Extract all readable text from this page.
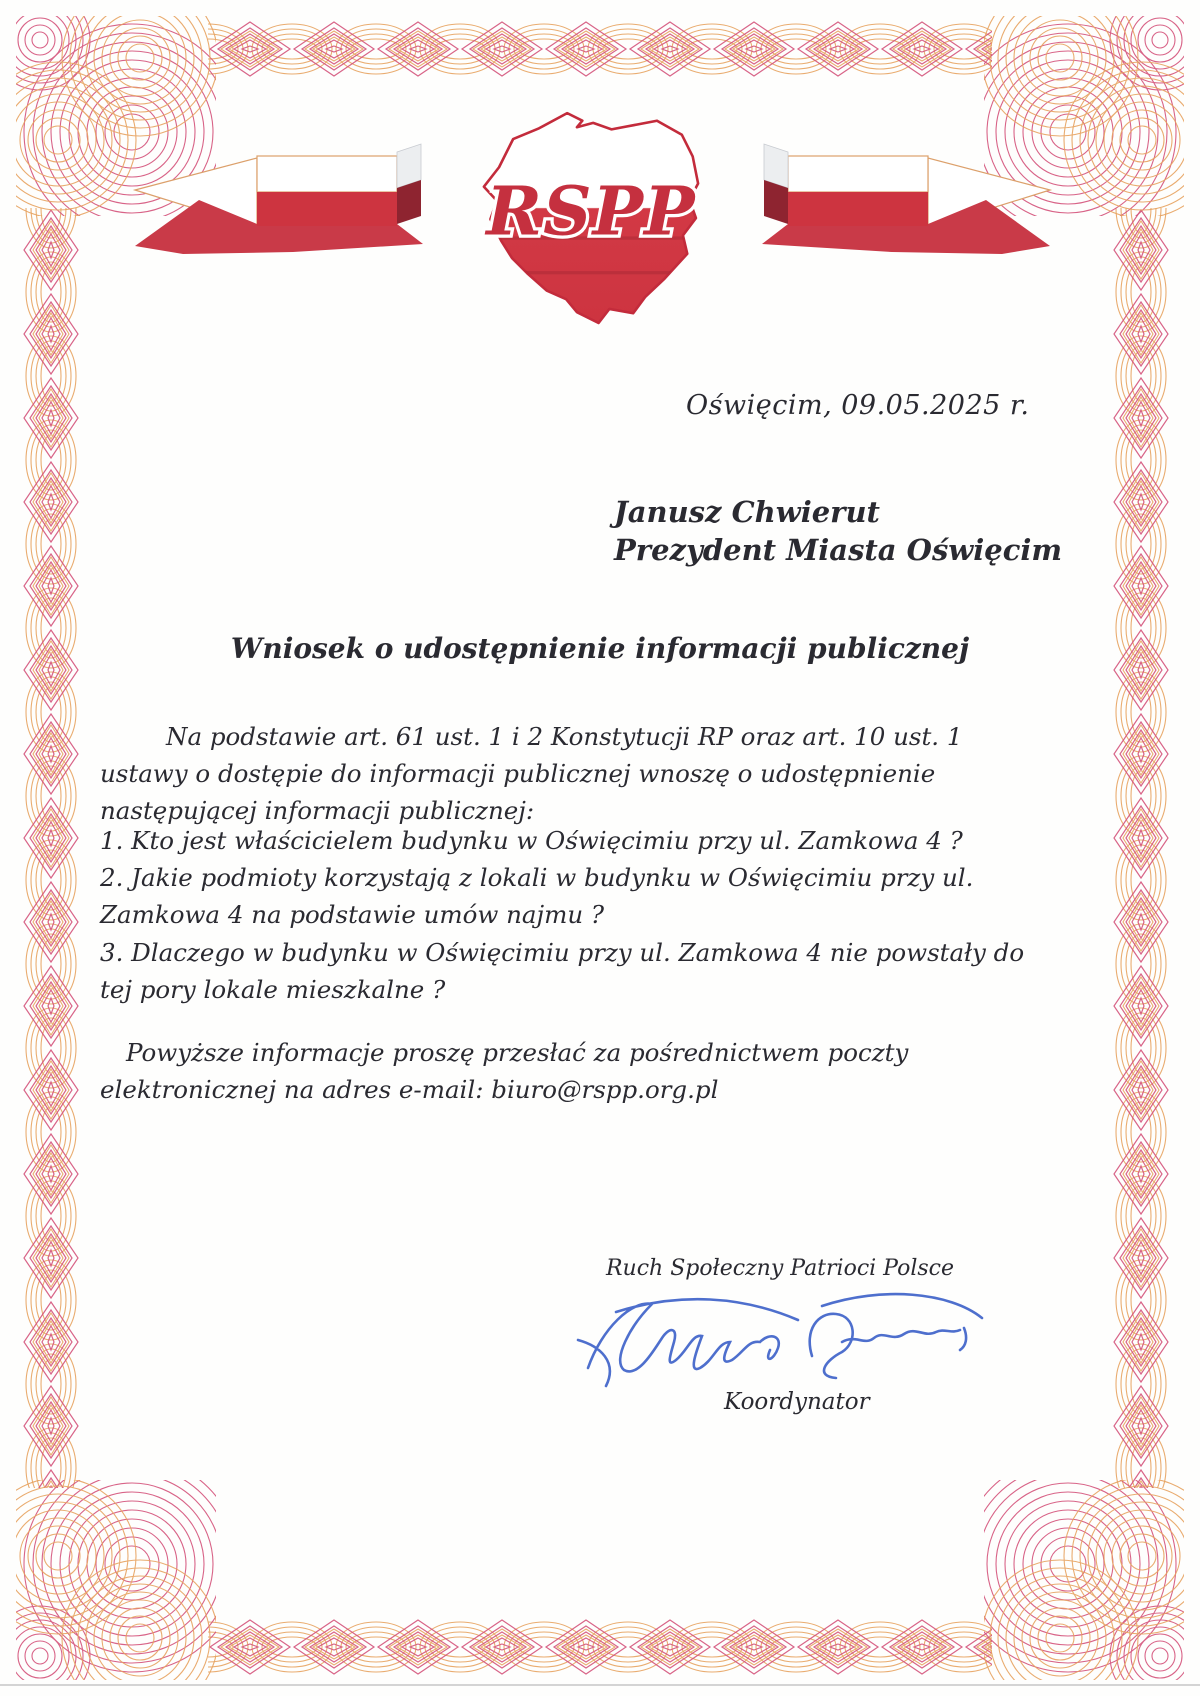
RSPP
Oświęcim, 09.05.2025 r.
Janusz Chwierut
Prezydent Miasta Oświęcim
Wniosek o udostępnienie informacji publicznej
Na podstawie art. 61 ust. 1 i 2 Konstytucji RP oraz art. 10 ust. 1 ustawy o dostępie do informacji publicznej wnoszę o udostępnienie następującej informacji publicznej:
1. Kto jest właścicielem budynku w Oświęcimiu przy ul. Zamkowa 4 ?
2. Jakie podmioty korzystają z lokali w budynku w Oświęcimiu przy ul. Zamkowa 4 na podstawie umów najmu ?
3. Dlaczego w budynku w Oświęcimiu przy ul. Zamkowa 4 nie powstały do tej pory lokale mieszkalne ?
Powyższe informacje proszę przesłać za pośrednictwem poczty elektronicznej na adres e-mail: biuro@rspp.org.pl
Ruch Społeczny Patrioci Polsce
Koordynator
